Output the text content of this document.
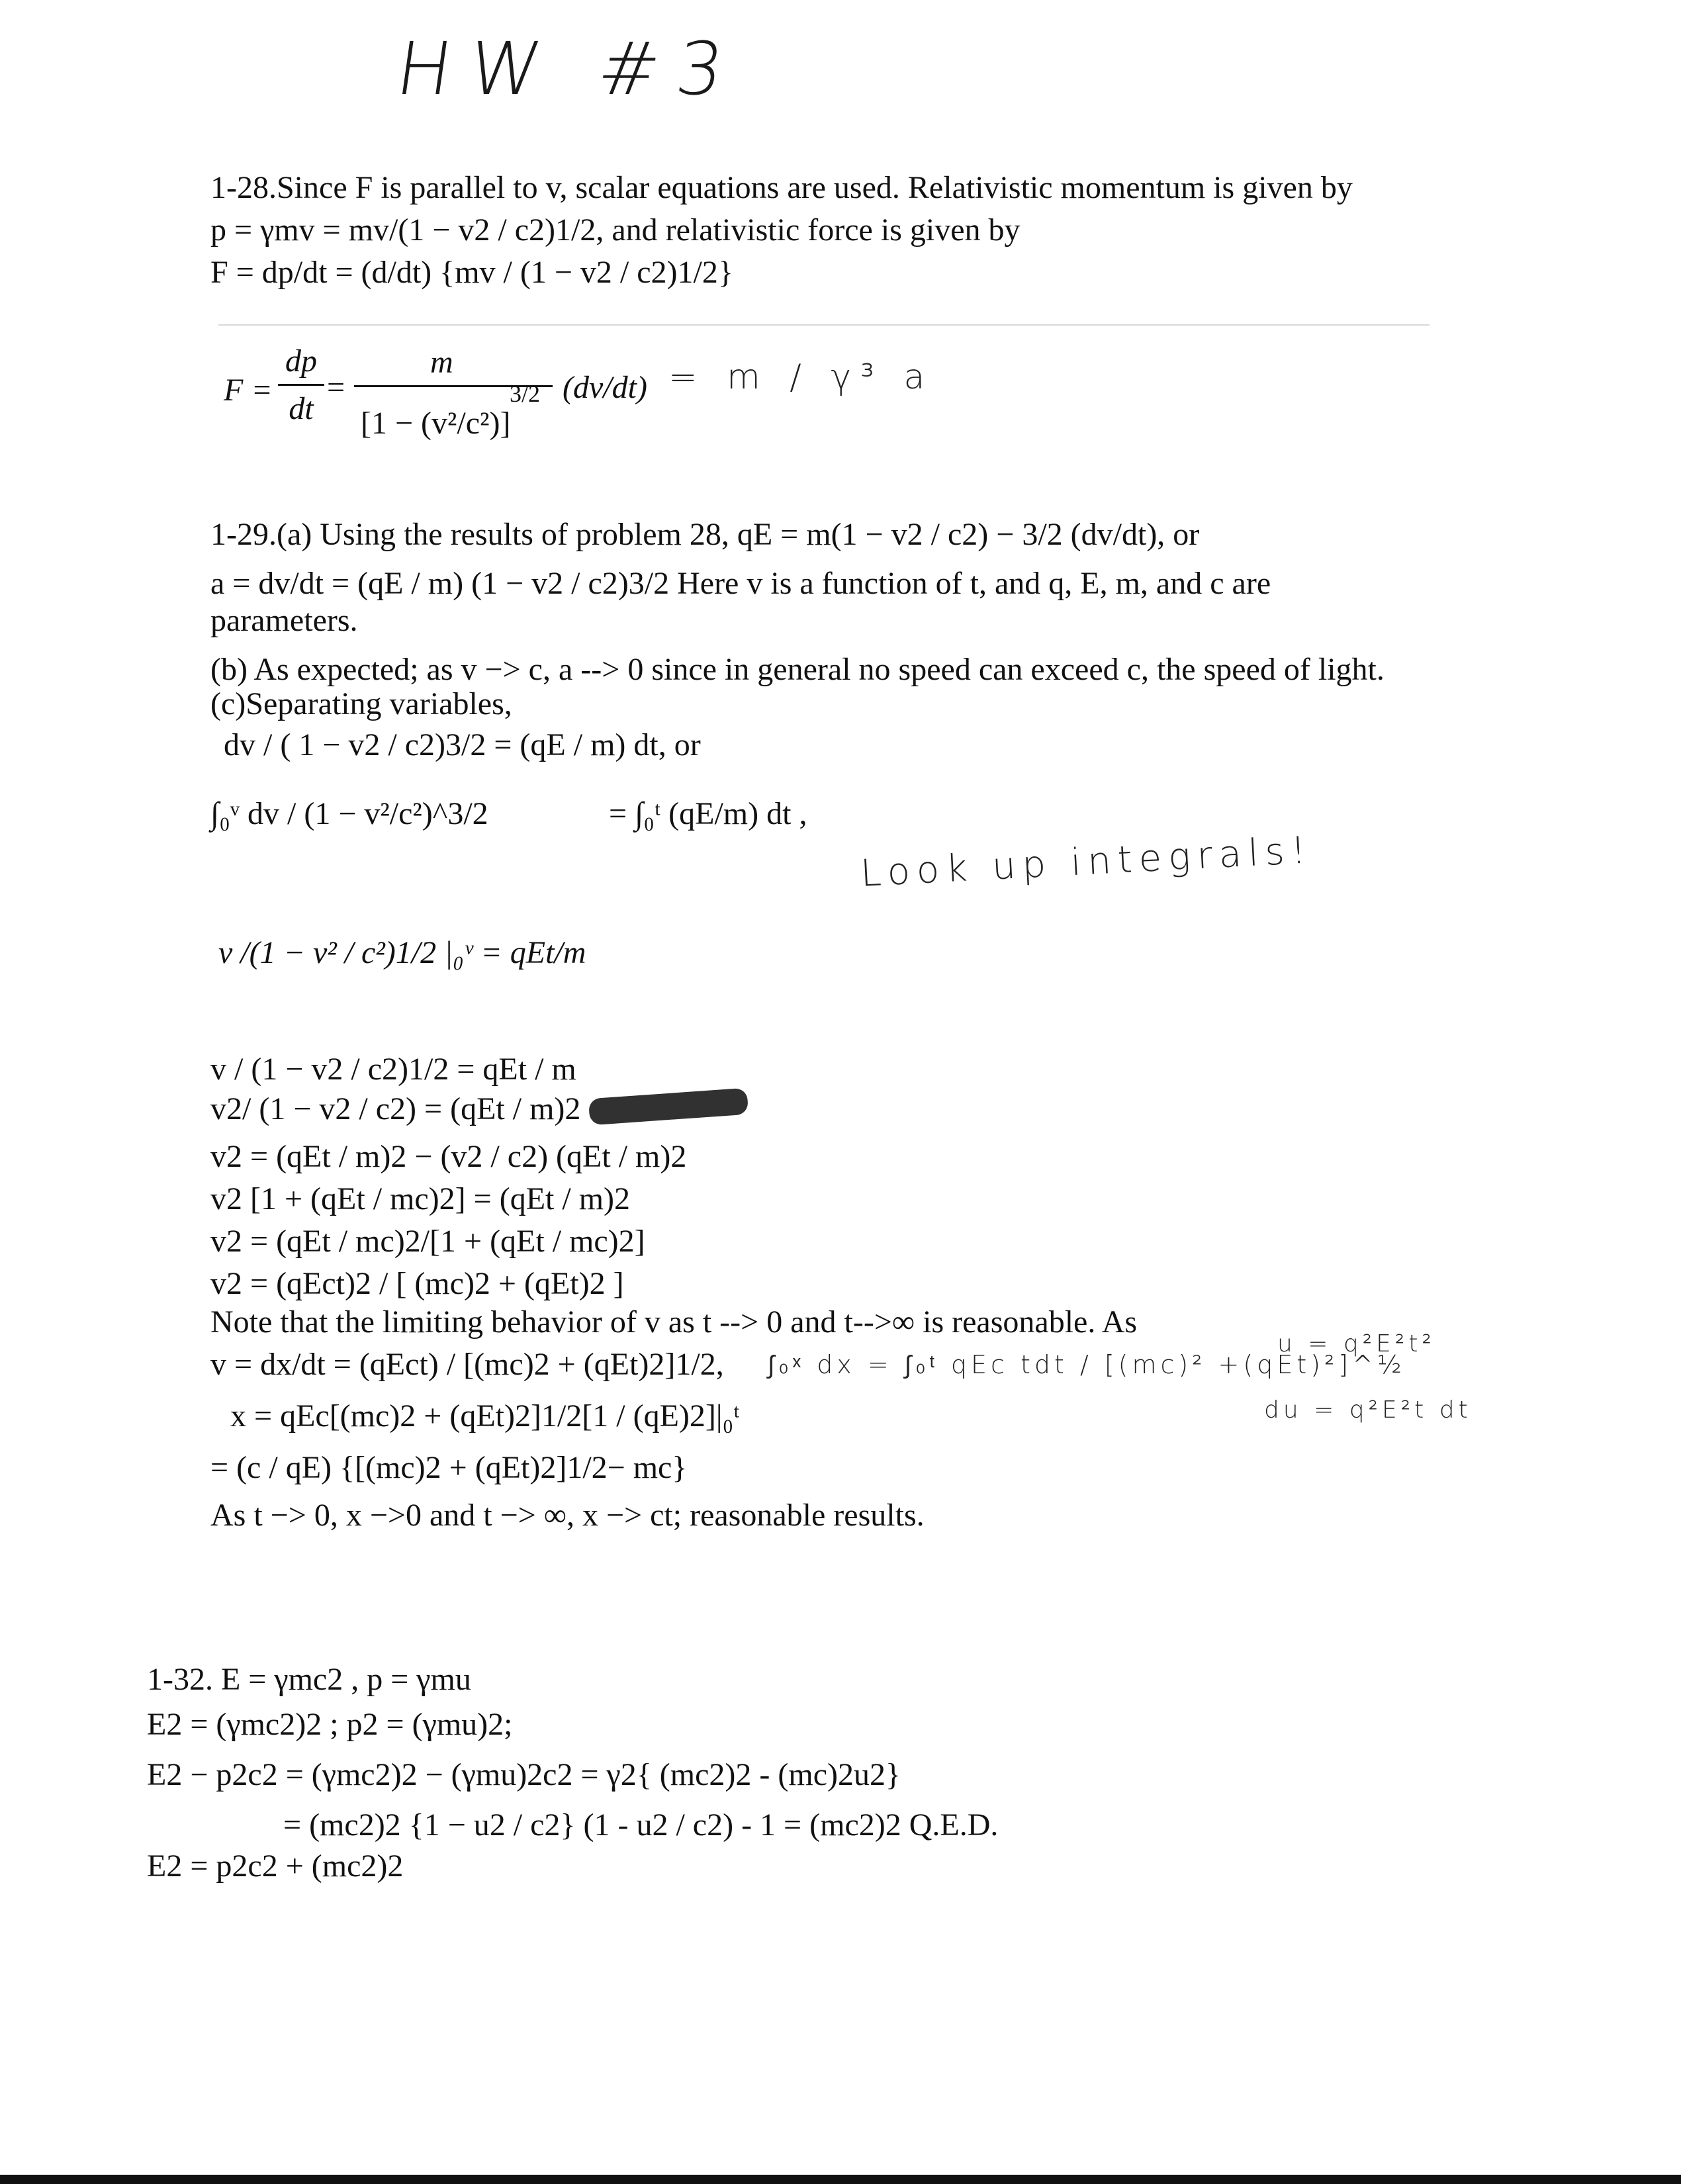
HW #3
1-28.Since F is parallel to v, scalar equations are used. Relativistic momentum is given by
p = γmv = mv/(1 − v2 / c2)1/2, and relativistic force is given by
F = dp/dt = (d/dt) {mv / (1 − v2 / c2)1/2}
F =
dp
dt
=
m
[1 − (v²/c²)]
3/2 (dv/dt) = m / γ³ a
1-29.(a) Using the results of problem 28, qE = m(1 − v2 / c2) − 3/2 (dv/dt), or
a = dv/dt = (qE / m) (1 − v2 / c2)3/2 Here v is a function of t, and q, E, m, and c are
parameters.
(b) As expected; as v −> c, a --> 0 since in general no speed can exceed c, the speed of light.
(c)Separating variables,
dv / ( 1 − v2 / c2)3/2 = (qE / m) dt, or
∫₀ᵛ dv / (1 − v²/c²)^3/2	= ∫₀ᵗ (qE/m) dt ,
Look up integrals!
v /(1 − v² / c²)1/2 |₀ᵛ = qEt/m
v / (1 − v2 / c2)1/2 = qEt / m
v2/ (1 − v2 / c2) = (qEt / m)2
v2 = (qEt / m)2 − (v2 / c2) (qEt / m)2
v2 [1 + (qEt / mc)2] = (qEt / m)2
v2 = (qEt / mc)2/[1 + (qEt / mc)2]
v2 = (qEct)2 / [ (mc)2 + (qEt)2 ]
Note that the limiting behavior of v as t --> 0 and t-->∞ is reasonable. As
v = dx/dt = (qEct) / [(mc)2 + (qEt)2]1/2,
x = qEc[(mc)2 + (qEt)2]1/2[1 / (qE)2]|₀ᵗ
= (c / qE) {[(mc)2 + (qEt)2]1/2− mc}
As t −> 0, x −>0 and t −> ∞, x −> ct; reasonable results.
∫₀ˣ dx = ∫₀ᵗ qEc tdt / [(mc)² +(qEt)²]^½
u = q²E²t²
du = q²E²t dt
1-32. E = γmc2 , p = γmu
E2 = (γmc2)2 ; p2 = (γmu)2;
E2 − p2c2 = (γmc2)2 − (γmu)2c2 = γ2{ (mc2)2 - (mc)2u2}
= (mc2)2 {1 − u2 / c2} (1 - u2 / c2) - 1 = (mc2)2 Q.E.D.
E2 = p2c2 + (mc2)2
